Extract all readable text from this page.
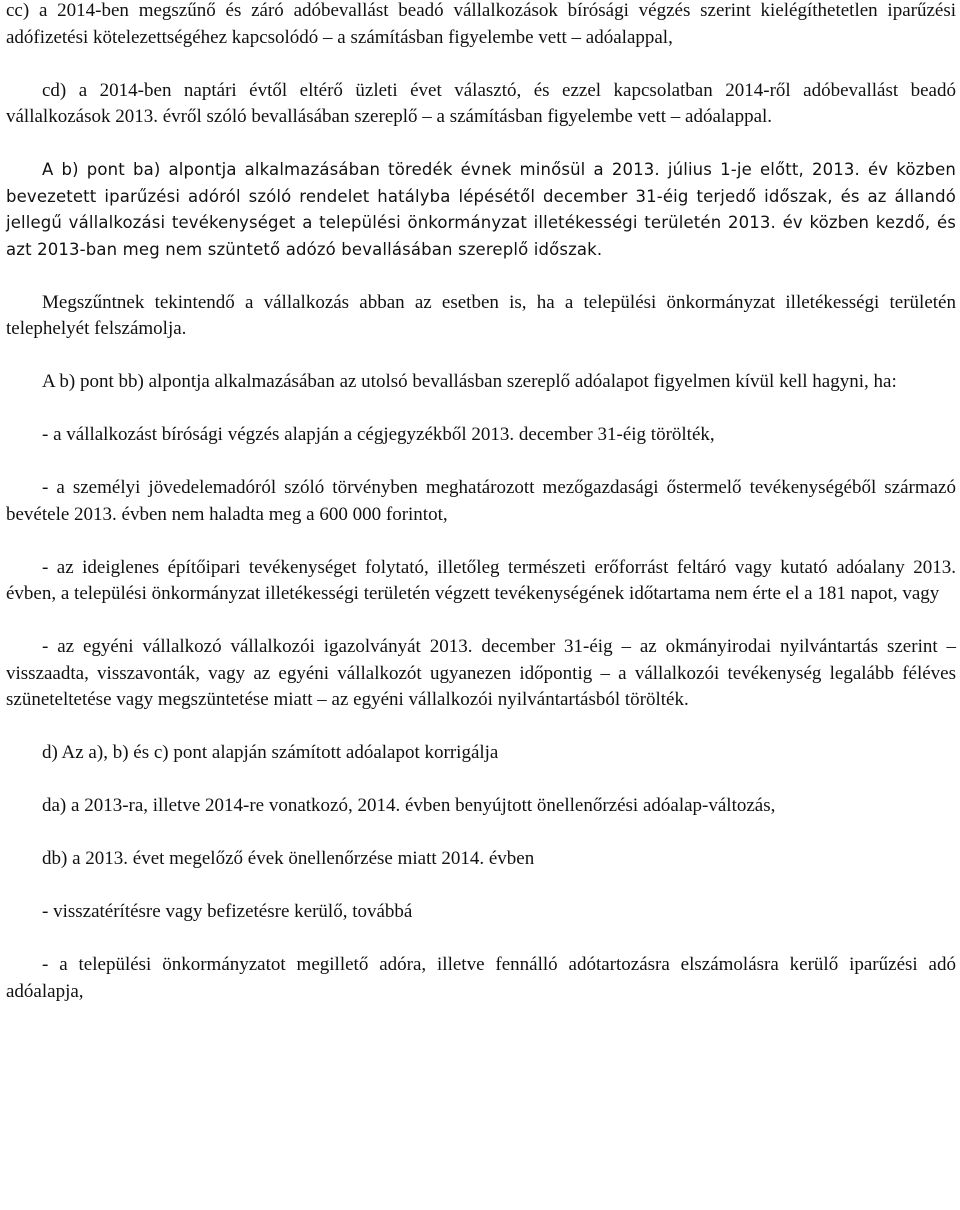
cc) a 2014-ben megszűnő és záró adóbevallást beadó vállalkozások bírósági végzés szerint kielégíthetetlen iparűzési adófizetési kötelezettségéhez kapcsolódó – a számításban figyelembe vett – adóalappal,

cd) a 2014-ben naptári évtől eltérő üzleti évet választó, és ezzel kapcsolatban 2014-ről adóbevallást beadó vállalkozások 2013. évről szóló bevallásában szereplő – a számításban figyelembe vett – adóalappal.

A b) pont ba) alpontja alkalmazásában töredék évnek minősül a 2013. július 1-je előtt, 2013. év közben bevezetett iparűzési adóról szóló rendelet hatályba lépésétől december 31-éig terjedő időszak, és az állandó jellegű vállalkozási tevékenységet a települési önkormányzat illetékességi területén 2013. év közben kezdő, és azt 2013-ban meg nem szüntető adózó bevallásában szereplő időszak.

Megszűntnek tekintendő a vállalkozás abban az esetben is, ha a települési önkormányzat illetékességi területén telephelyét felszámolja.

A b) pont bb) alpontja alkalmazásában az utolsó bevallásban szereplő adóalapot figyelmen kívül kell hagyni, ha:

- a vállalkozást bírósági végzés alapján a cégjegyzékből 2013. december 31-éig törölték,

- a személyi jövedelemadóról szóló törvényben meghatározott mezőgazdasági őstermelő tevékenységéből származó bevétele 2013. évben nem haladta meg a 600 000 forintot,

- az ideiglenes építőipari tevékenységet folytató, illetőleg természeti erőforrást feltáró vagy kutató adóalany 2013. évben, a települési önkormányzat illetékességi területén végzett tevékenységének időtartama nem érte el a 181 napot, vagy

- az egyéni vállalkozó vállalkozói igazolványát 2013. december 31-éig – az okmányirodai nyilvántartás szerint – visszaadta, visszavonták, vagy az egyéni vállalkozót ugyanezen időpontig – a vállalkozói tevékenység legalább féléves szüneteltetése vagy megszüntetése miatt – az egyéni vállalkozói nyilvántartásból törölték.

d) Az a), b) és c) pont alapján számított adóalapot korrigálja

da) a 2013-ra, illetve 2014-re vonatkozó, 2014. évben benyújtott önellenőrzési adóalap-változás,

db) a 2013. évet megelőző évek önellenőrzése miatt 2014. évben

- visszatérítésre vagy befizetésre kerülő, továbbá

- a települési önkormányzatot megillető adóra, illetve fennálló adótartozásra elszámolásra kerülő iparűzési adó adóalapja,
